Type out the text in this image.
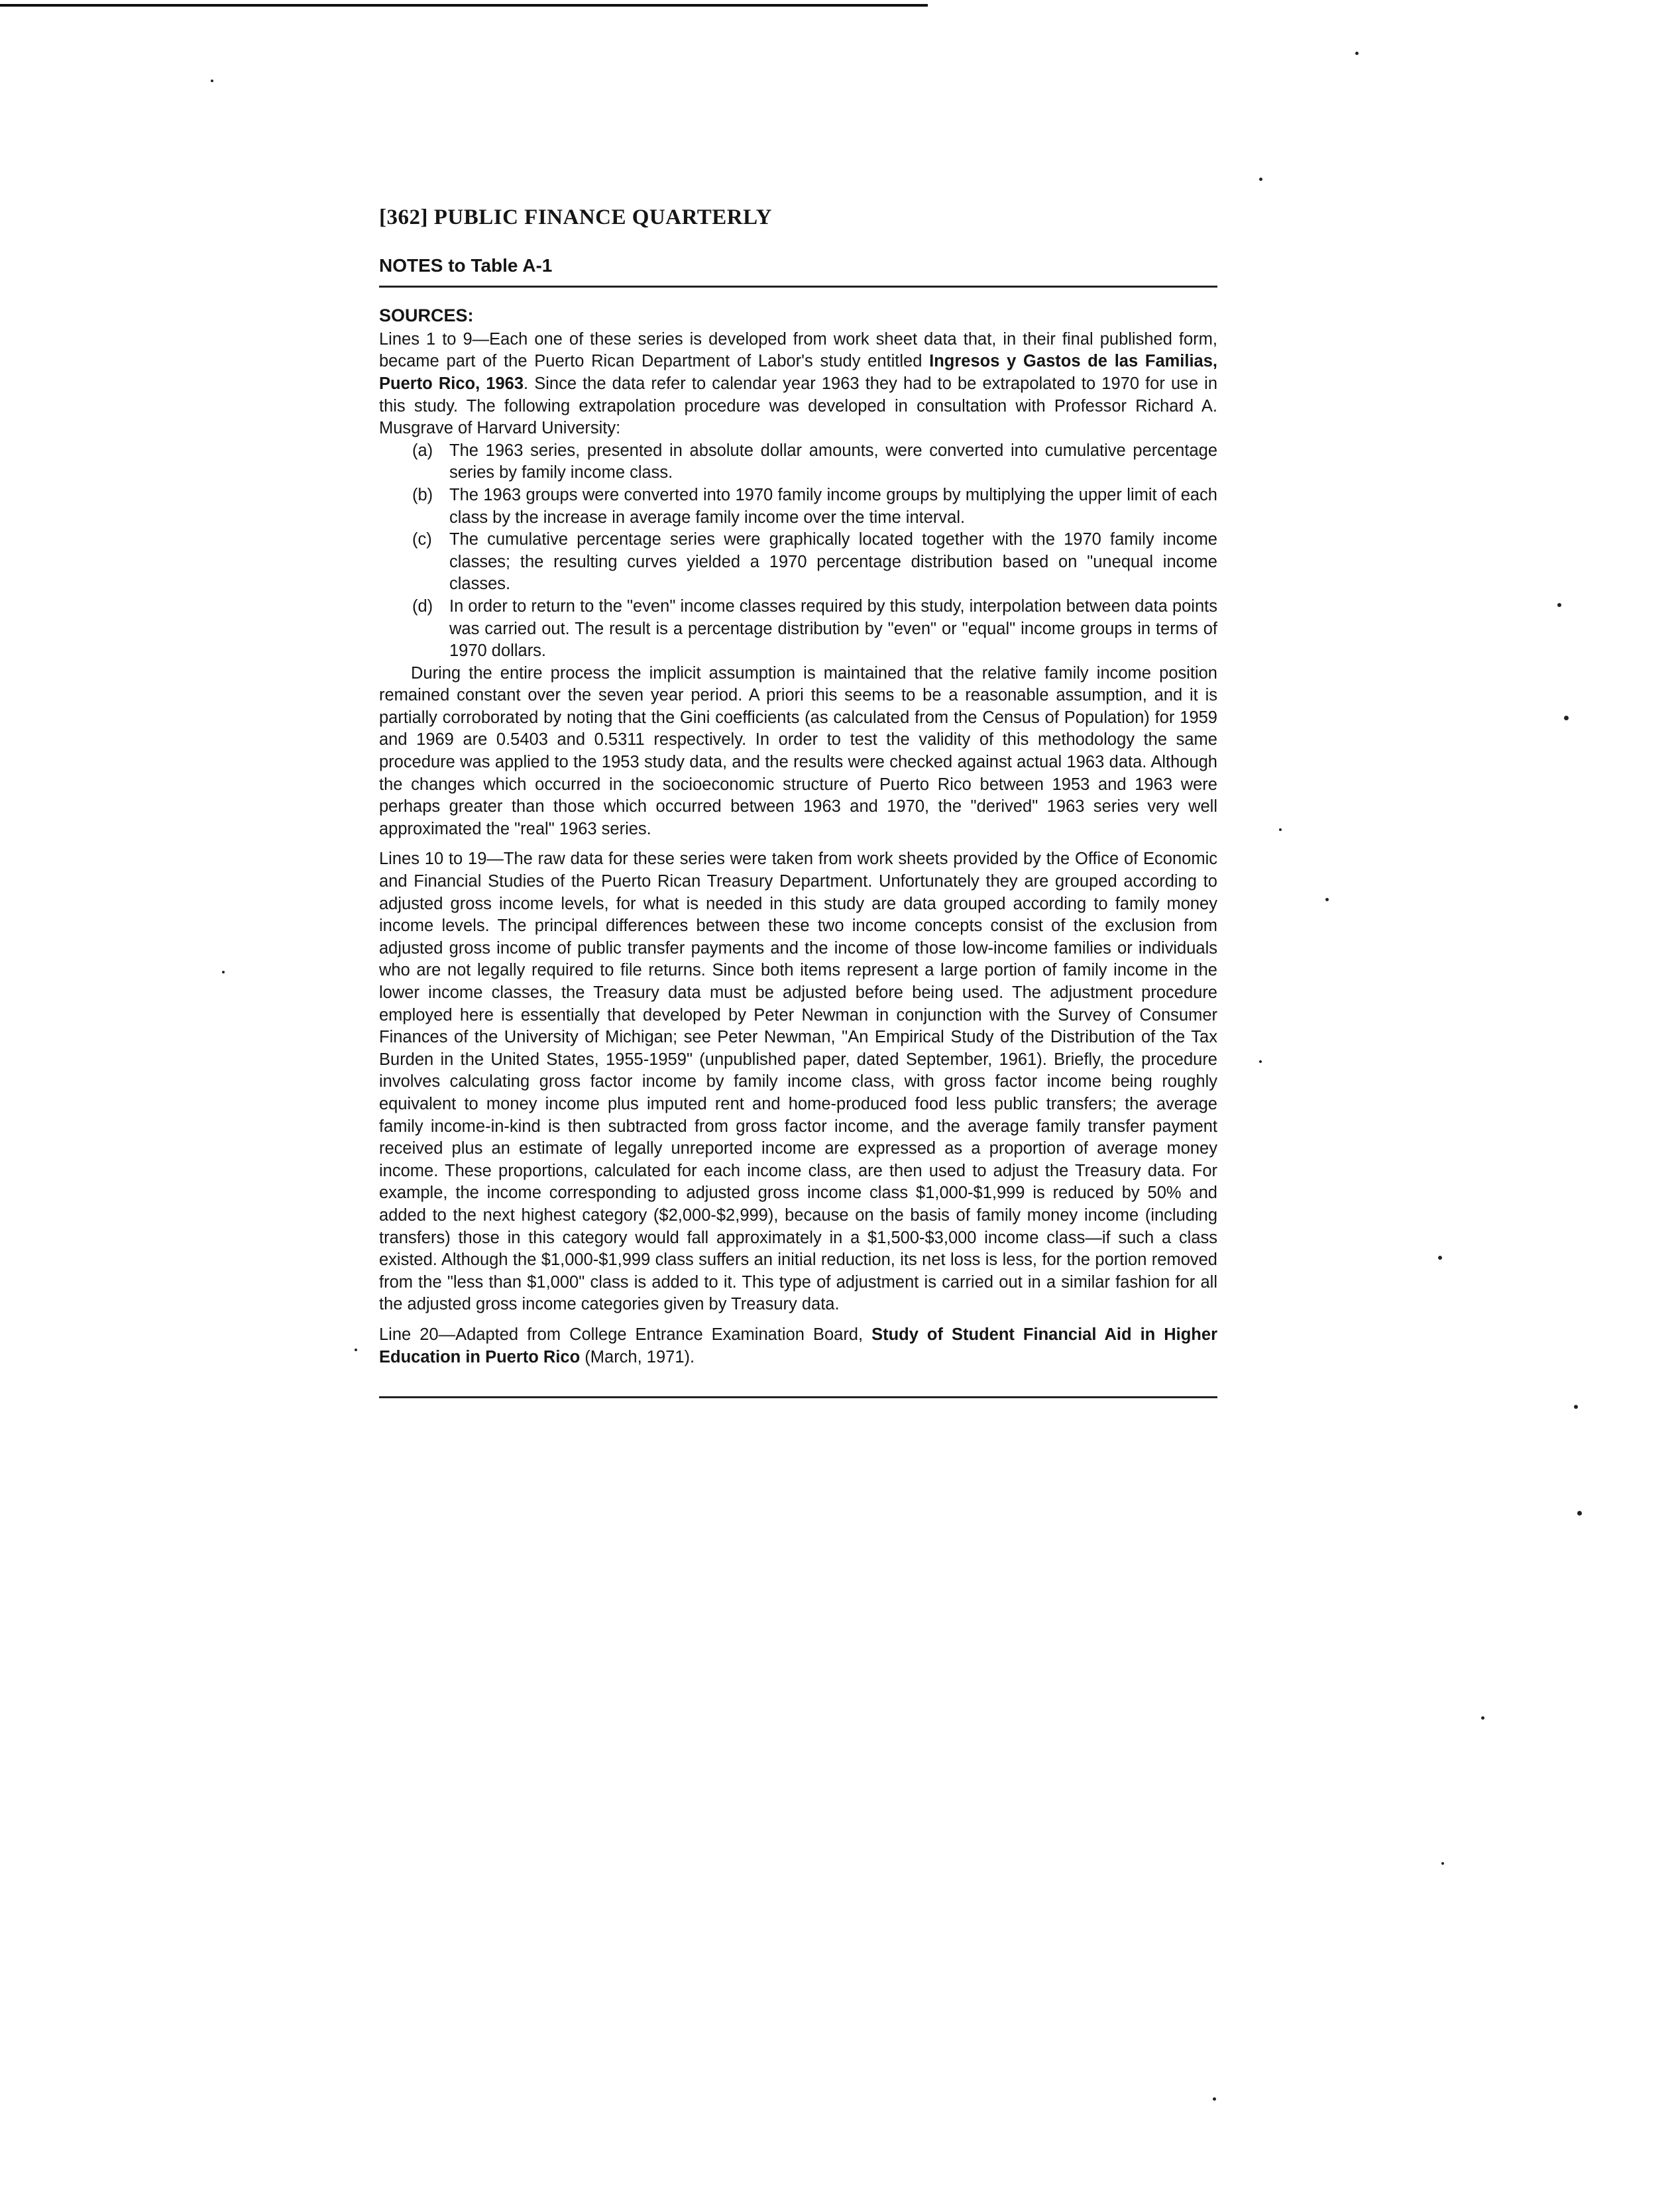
[362] PUBLIC FINANCE QUARTERLY
NOTES to Table A-1
SOURCES:

Lines 1 to 9—Each one of these series is developed from work sheet data that, in their final published form, became part of the Puerto Rican Department of Labor's study entitled Ingresos y Gastos de las Familias, Puerto Rico, 1963. Since the data refer to calendar year 1963 they had to be extrapolated to 1970 for use in this study. The following extrapolation procedure was developed in consultation with Professor Richard A. Musgrave of Harvard University:

(a) The 1963 series, presented in absolute dollar amounts, were converted into cumulative percentage series by family income class.
(b) The 1963 groups were converted into 1970 family income groups by multiplying the upper limit of each class by the increase in average family income over the time interval.
(c)	The cumulative percentage series were graphically located together with the 1970 family income classes; the resulting curves yielded a 1970 percentage distribution based on "unequal income classes.
(d) In order to return to the "even" income classes required by this study, interpolation between data points was carried out. The result is a percentage distribution by "even" or "equal" income groups in terms of 1970 dollars.

During the entire process the implicit assumption is maintained that the relative family income position remained constant over the seven year period. A priori this seems to be a reasonable assumption, and it is partially corroborated by noting that the Gini coefficients (as calculated from the Census of Population) for 1959 and 1969 are 0.5403 and 0.5311 respectively. In order to test the validity of this methodology the same procedure was applied to the 1953 study data, and the results were checked against actual 1963 data. Although the changes which occurred in the socioeconomic structure of Puerto Rico between 1953 and 1963 were perhaps greater than those which occurred between 1963 and 1970, the "derived" 1963 series very well approximated the "real" 1963 series.

Lines 10 to 19—The raw data for these series were taken from work sheets provided by the Office of Economic and Financial Studies of the Puerto Rican Treasury Department. Unfortunately they are grouped according to adjusted gross income levels, for what is needed in this study are data grouped according to family money income levels. The principal differences between these two income concepts consist of the exclusion from adjusted gross income of public transfer payments and the income of those low-income families or individuals who are not legally required to file returns. Since both items represent a large portion of family income in the lower income classes, the Treasury data must be adjusted before being used. The adjustment procedure employed here is essentially that developed by Peter Newman in conjunction with the Survey of Consumer Finances of the University of Michigan; see Peter Newman, "An Empirical Study of the Distribution of the Tax Burden in the United States, 1955-1959" (unpublished paper, dated September, 1961). Briefly, the procedure involves calculating gross factor income by family income class, with gross factor income being roughly equivalent to money income plus imputed rent and home-produced food less public transfers; the average family income-in-kind is then subtracted from gross factor income, and the average family transfer payment received plus an estimate of legally unreported income are expressed as a proportion of average money income. These proportions, calculated for each income class, are then used to adjust the Treasury data. For example, the income corresponding to adjusted gross income class $1,000-$1,999 is reduced by 50% and added to the next highest category ($2,000-$2,999), because on the basis of family money income (including transfers) those in this category would fall approximately in a $1,500-$3,000 income class—if such a class existed. Although the $1,000-$1,999 class suffers an initial reduction, its net loss is less, for the portion removed from the "less than $1,000" class is added to it. This type of adjustment is carried out in a similar fashion for all the adjusted gross income categories given by Treasury data.

Line 20—Adapted from College Entrance Examination Board, Study of Student Financial Aid in Higher Education in Puerto Rico (March, 1971).
